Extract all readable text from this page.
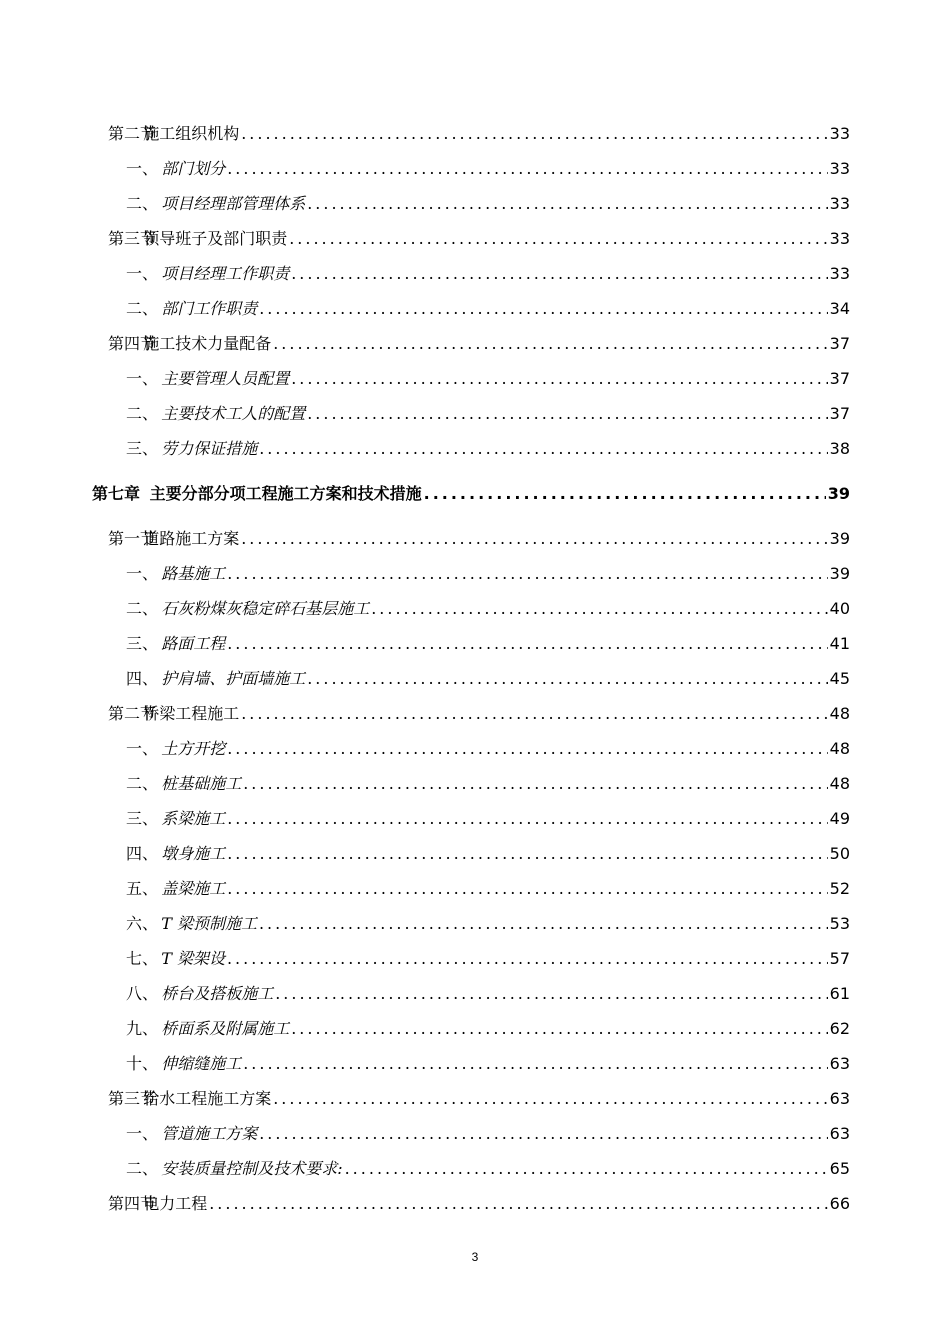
第二节施工组织机构 .....	33
一、 部门划分 .....	33
二、 项目经理部管理体系 .....	33
第三节领导班子及部门职责 .....	33
一、 项目经理工作职责 .....	33
二、 部门工作职责 .....	34
第四节施工技术力量配备 .....	37
一、 主要管理人员配置 .....	37
二、 主要技术工人的配置 .....	37
三、 劳力保证措施 .....	38
第七章 主要分部分项工程施工方案和技术措施 .....	39
第一节道路施工方案 .....	39
一、 路基施工 .....	39
二、 石灰粉煤灰稳定碎石基层施工 .....	40
三、 路面工程 .....	41
四、 护肩墙、护面墙施工 .....	45
第二节桥梁工程施工 .....	48
一、 土方开挖 .....	48
二、 桩基础施工 .....	48
三、 系梁施工 .....	49
四、 墩身施工 .....	50
五、 盖梁施工 .....	52
六、 T 梁预制施工 .....	53
七、 T 梁架设 .....	57
八、 桥台及搭板施工 .....	61
九、 桥面系及附属施工 .....	62
十、 伸缩缝施工 .....	63
第三节给水工程施工方案 .....	63
一、 管道施工方案 .....	63
二、 安装质量控制及技术要求: .....	65
第四节电力工程 .....	66
3
